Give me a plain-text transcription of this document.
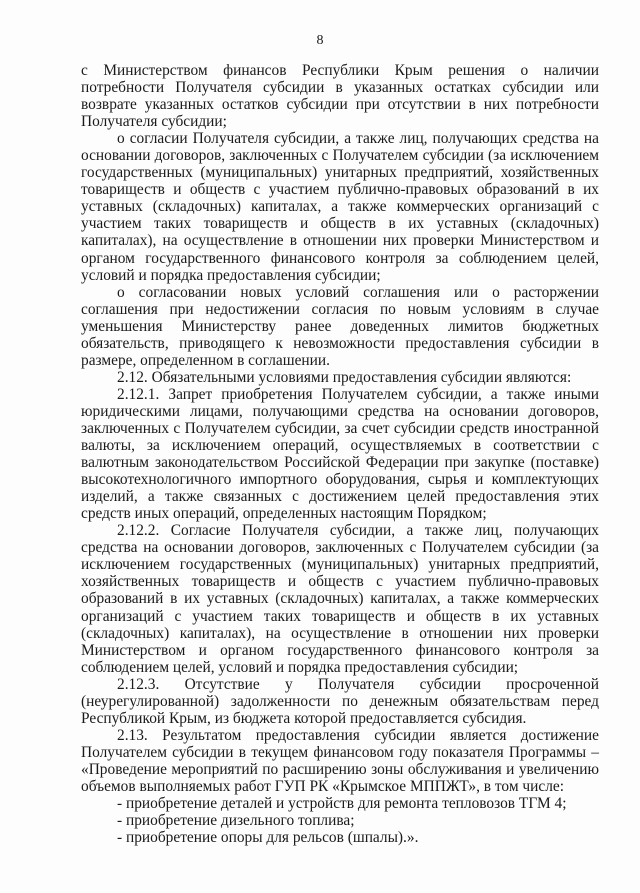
8

с Министерством финансов Республики Крым решения о наличии потребности Получателя субсидии в указанных остатках субсидии или возврате указанных остатков субсидии при отсутствии в них потребности Получателя субсидии;

о согласии Получателя субсидии, а также лиц, получающих средства на основании договоров, заключенных с Получателем субсидии (за исключением государственных (муниципальных) унитарных предприятий, хозяйственных товариществ и обществ с участием публично-правовых образований в их уставных (складочных) капиталах, а также коммерческих организаций с участием таких товариществ и обществ в их уставных (складочных) капиталах), на осуществление в отношении них проверки Министерством и органом государственного финансового контроля за соблюдением целей, условий и порядка предоставления субсидии;

о согласовании новых условий соглашения или о расторжении соглашения при недостижении согласия по новым условиям в случае уменьшения Министерству ранее доведенных лимитов бюджетных обязательств, приводящего к невозможности предоставления субсидии в размере, определенном в соглашении.

2.12. Обязательными условиями предоставления субсидии являются:

2.12.1. Запрет приобретения Получателем субсидии, а также иными юридическими лицами, получающими средства на основании договоров, заключенных с Получателем субсидии, за счет субсидии средств иностранной валюты, за исключением операций, осуществляемых в соответствии с валютным законодательством Российской Федерации при закупке (поставке) высокотехнологичного импортного оборудования, сырья и комплектующих изделий, а также связанных с достижением целей предоставления этих средств иных операций, определенных настоящим Порядком;

2.12.2. Согласие Получателя субсидии, а также лиц, получающих средства на основании договоров, заключенных с Получателем субсидии (за исключением государственных (муниципальных) унитарных предприятий, хозяйственных товариществ и обществ с участием публично-правовых образований в их уставных (складочных) капиталах, а также коммерческих организаций с участием таких товариществ и обществ в их уставных (складочных) капиталах), на осуществление в отношении них проверки Министерством и органом государственного финансового контроля за соблюдением целей, условий и порядка предоставления субсидии;

2.12.3. Отсутствие у Получателя субсидии просроченной (неурегулированной) задолженности по денежным обязательствам перед Республикой Крым, из бюджета которой предоставляется субсидия.

2.13. Результатом предоставления субсидии является достижение Получателем субсидии в текущем финансовом году показателя Программы – «Проведение мероприятий по расширению зоны обслуживания и увеличению объемов выполняемых работ ГУП РК «Крымское МППЖТ», в том числе:

- приобретение деталей и устройств для ремонта тепловозов ТГМ 4;
- приобретение дизельного топлива;
- приобретение опоры для рельсов (шпалы).».
